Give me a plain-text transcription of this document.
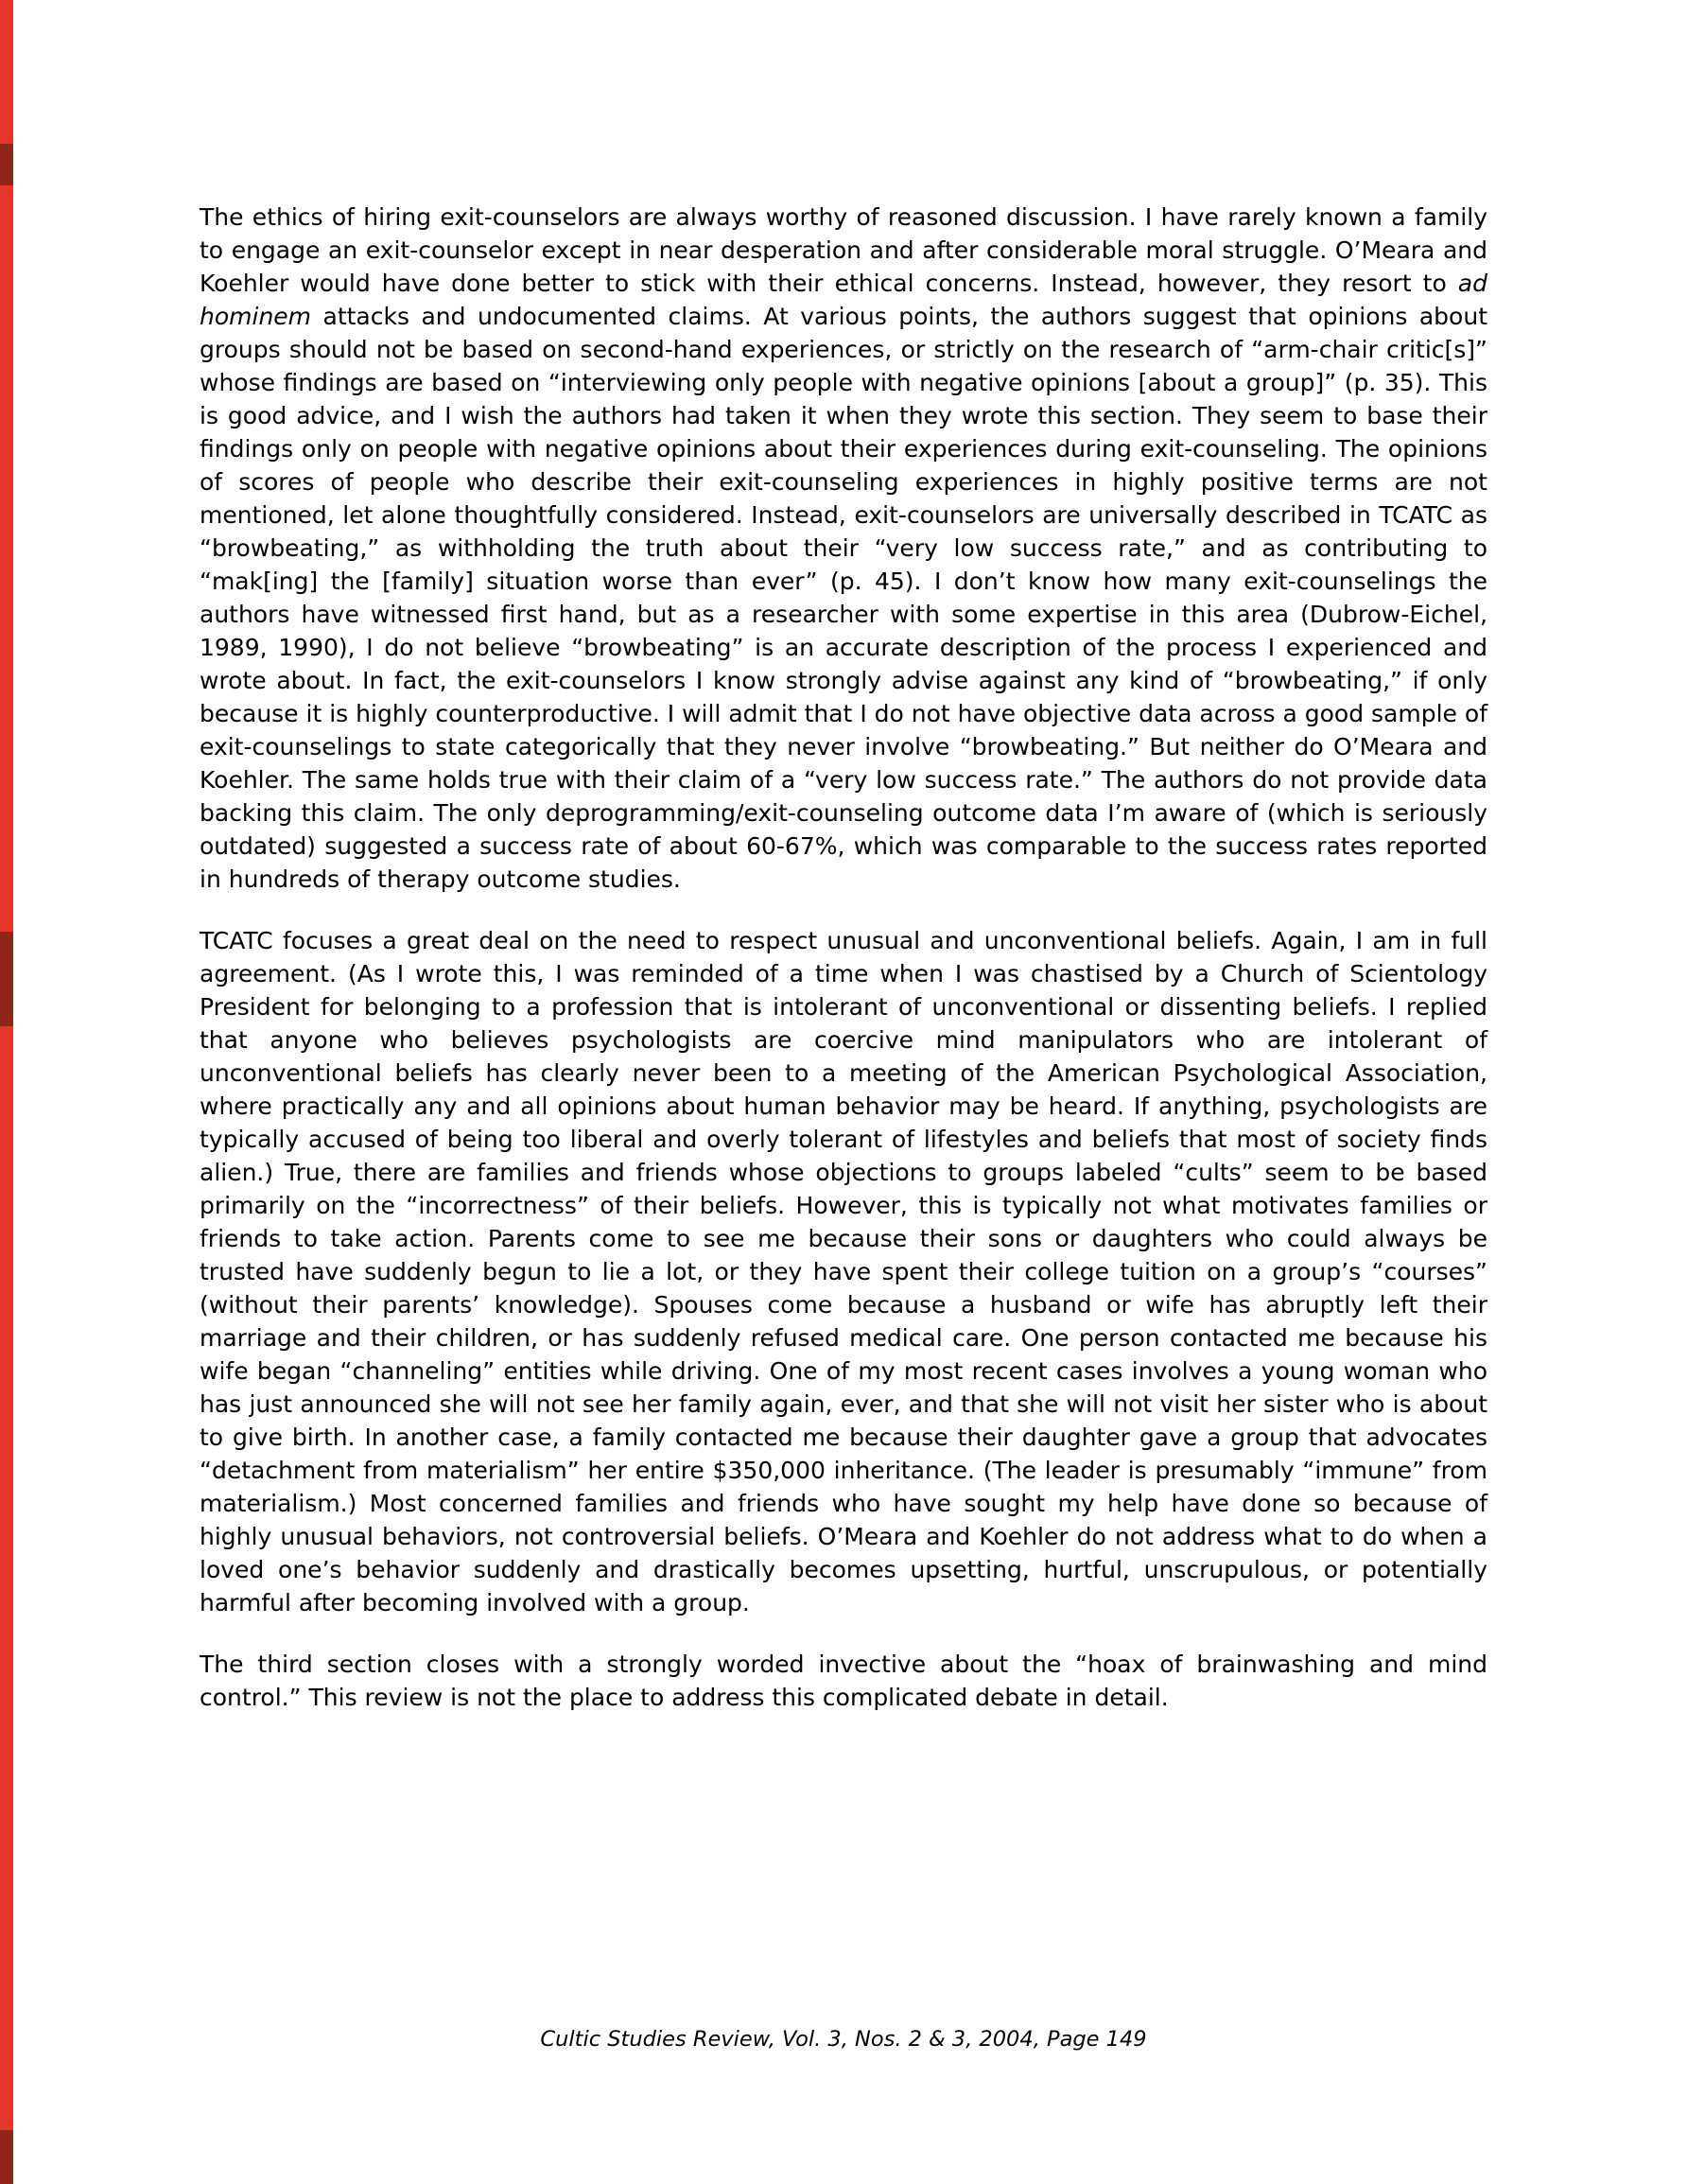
The ethics of hiring exit-counselors are always worthy of reasoned discussion. I have rarely known a family to engage an exit-counselor except in near desperation and after considerable moral struggle. O’Meara and Koehler would have done better to stick with their ethical concerns. Instead, however, they resort to ad hominem attacks and undocumented claims. At various points, the authors suggest that opinions about groups should not be based on second-hand experiences, or strictly on the research of “arm-chair critic[s]” whose findings are based on “interviewing only people with negative opinions [about a group]” (p. 35). This is good advice, and I wish the authors had taken it when they wrote this section. They seem to base their findings only on people with negative opinions about their experiences during exit-counseling. The opinions of scores of people who describe their exit-counseling experiences in highly positive terms are not mentioned, let alone thoughtfully considered. Instead, exit-counselors are universally described in TCATC as “browbeating,” as withholding the truth about their “very low success rate,” and as contributing to “mak[ing] the [family] situation worse than ever” (p. 45). I don’t know how many exit-counselings the authors have witnessed first hand, but as a researcher with some expertise in this area (Dubrow-Eichel, 1989, 1990), I do not believe “browbeating” is an accurate description of the process I experienced and wrote about. In fact, the exit-counselors I know strongly advise against any kind of “browbeating,” if only because it is highly counterproductive. I will admit that I do not have objective data across a good sample of exit-counselings to state categorically that they never involve “browbeating.” But neither do O’Meara and Koehler. The same holds true with their claim of a “very low success rate.” The authors do not provide data backing this claim. The only deprogramming/exit-counseling outcome data I’m aware of (which is seriously outdated) suggested a success rate of about 60-67%, which was comparable to the success rates reported in hundreds of therapy outcome studies.

TCATC focuses a great deal on the need to respect unusual and unconventional beliefs. Again, I am in full agreement. (As I wrote this, I was reminded of a time when I was chastised by a Church of Scientology President for belonging to a profession that is intolerant of unconventional or dissenting beliefs. I replied that anyone who believes psychologists are coercive mind manipulators who are intolerant of unconventional beliefs has clearly never been to a meeting of the American Psychological Association, where practically any and all opinions about human behavior may be heard. If anything, psychologists are typically accused of being too liberal and overly tolerant of lifestyles and beliefs that most of society finds alien.) True, there are families and friends whose objections to groups labeled “cults” seem to be based primarily on the “incorrectness” of their beliefs. However, this is typically not what motivates families or friends to take action. Parents come to see me because their sons or daughters who could always be trusted have suddenly begun to lie a lot, or they have spent their college tuition on a group’s “courses” (without their parents’ knowledge). Spouses come because a husband or wife has abruptly left their marriage and their children, or has suddenly refused medical care. One person contacted me because his wife began “channeling” entities while driving. One of my most recent cases involves a young woman who has just announced she will not see her family again, ever, and that she will not visit her sister who is about to give birth. In another case, a family contacted me because their daughter gave a group that advocates “detachment from materialism” her entire $350,000 inheritance. (The leader is presumably “immune” from materialism.) Most concerned families and friends who have sought my help have done so because of highly unusual behaviors, not controversial beliefs. O’Meara and Koehler do not address what to do when a loved one’s behavior suddenly and drastically becomes upsetting, hurtful, unscrupulous, or potentially harmful after becoming involved with a group.

The third section closes with a strongly worded invective about the “hoax of brainwashing and mind control.” This review is not the place to address this complicated debate in detail.

Cultic Studies Review, Vol. 3, Nos. 2 & 3, 2004, Page 149
